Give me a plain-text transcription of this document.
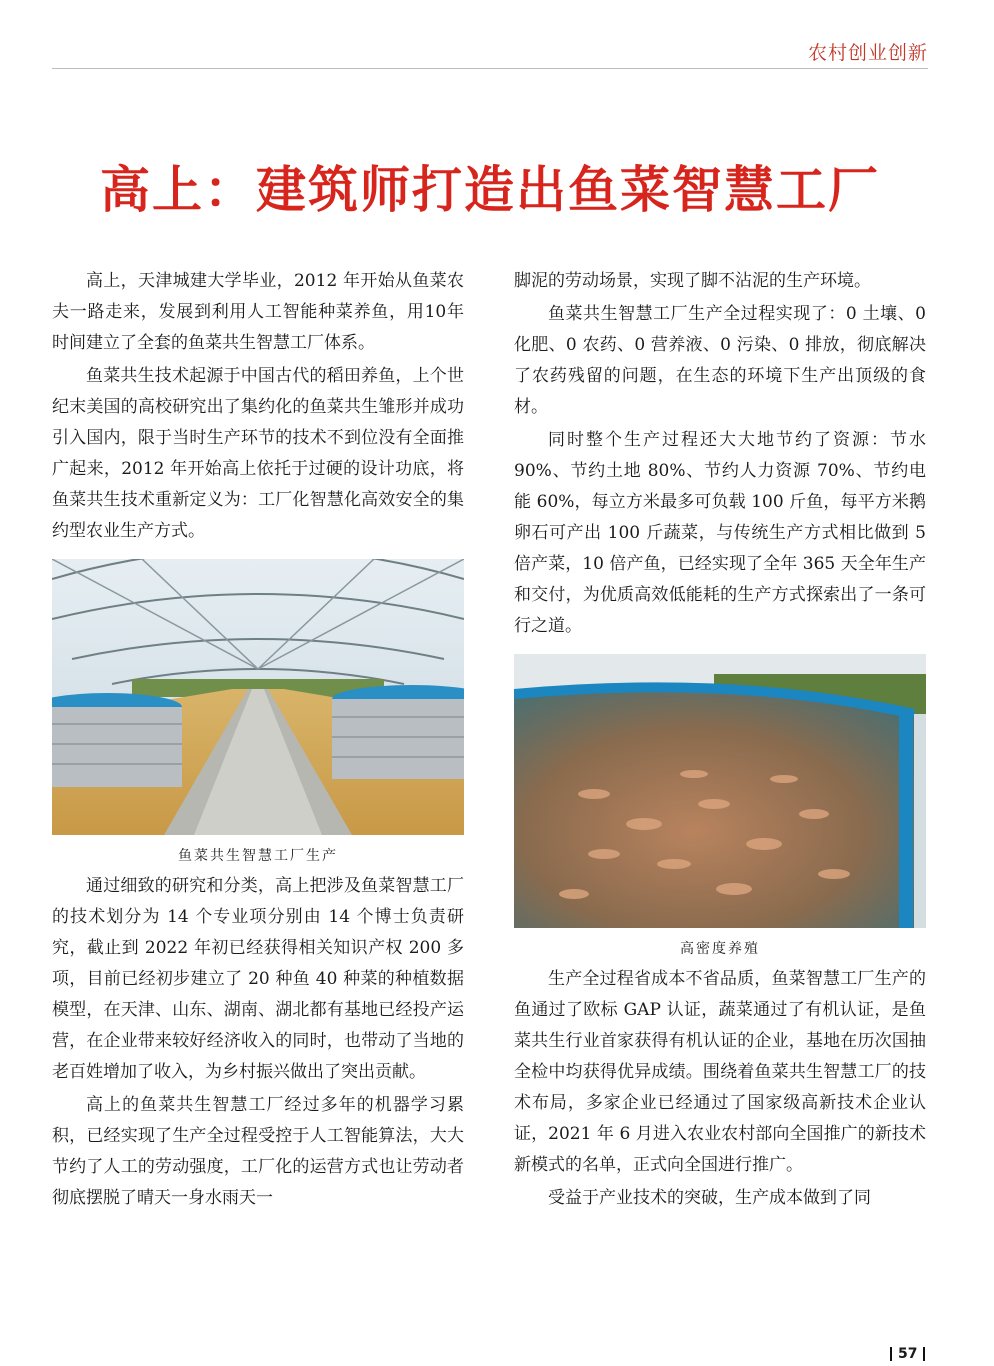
农村创业创新
高上：建筑师打造出鱼菜智慧工厂

高上，天津城建大学毕业，2012 年开始从鱼菜农夫一路走来，发展到利用人工智能种菜养鱼，用10年时间建立了全套的鱼菜共生智慧工厂体系。

鱼菜共生技术起源于中国古代的稻田养鱼，上个世纪末美国的高校研究出了集约化的鱼菜共生雏形并成功引入国内，限于当时生产环节的技术不到位没有全面推广起来，2012 年开始高上依托于过硬的设计功底，将鱼菜共生技术重新定义为：工厂化智慧化高效安全的集约型农业生产方式。

鱼菜共生智慧工厂生产

通过细致的研究和分类，高上把涉及鱼菜智慧工厂的技术划分为 14 个专业项分别由 14 个博士负责研究，截止到 2022 年初已经获得相关知识产权 200 多项，目前已经初步建立了 20 种鱼 40 种菜的种植数据模型，在天津、山东、湖南、湖北都有基地已经投产运营，在企业带来较好经济收入的同时，也带动了当地的老百姓增加了收入，为乡村振兴做出了突出贡献。

高上的鱼菜共生智慧工厂经过多年的机器学习累积，已经实现了生产全过程受控于人工智能算法，大大节约了人工的劳动强度，工厂化的运营方式也让劳动者彻底摆脱了晴天一身水雨天一

脚泥的劳动场景，实现了脚不沾泥的生产环境。

鱼菜共生智慧工厂生产全过程实现了：0 土壤、0 化肥、0 农药、0 营养液、0 污染、0 排放，彻底解决了农药残留的问题，在生态的环境下生产出顶级的食材。

同时整个生产过程还大大地节约了资源：节水 90%、节约土地 80%、节约人力资源 70%、节约电能 60%，每立方米最多可负载 100 斤鱼，每平方米鹅卵石可产出 100 斤蔬菜，与传统生产方式相比做到 5 倍产菜，10 倍产鱼，已经实现了全年 365 天全年生产和交付，为优质高效低能耗的生产方式探索出了一条可行之道。

高密度养殖

生产全过程省成本不省品质，鱼菜智慧工厂生产的鱼通过了欧标 GAP 认证，蔬菜通过了有机认证，是鱼菜共生行业首家获得有机认证的企业，基地在历次国抽全检中均获得优异成绩。围绕着鱼菜共生智慧工厂的技术布局，多家企业已经通过了国家级高新技术企业认证，2021 年 6 月进入农业农村部向全国推广的新技术新模式的名单，正式向全国进行推广。

受益于产业技术的突破，生产成本做到了同

57
